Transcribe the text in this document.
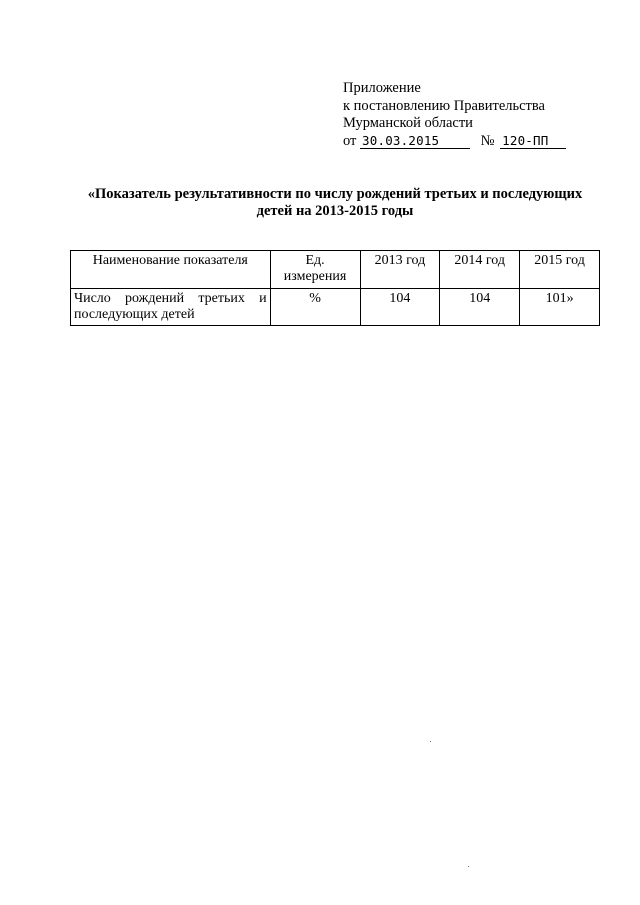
Приложение
к постановлению Правительства
Мурманской области
от 30.03.2015	№ 120-ПП
«Показатель результативности по числу рождений третьих и последующих
детей на 2013-2015 годы
Наименование показателя	Ед. измерения	2013 год	2014 год	2015 год
Число рождений третьих и последующих детей	%	104	104	101»
